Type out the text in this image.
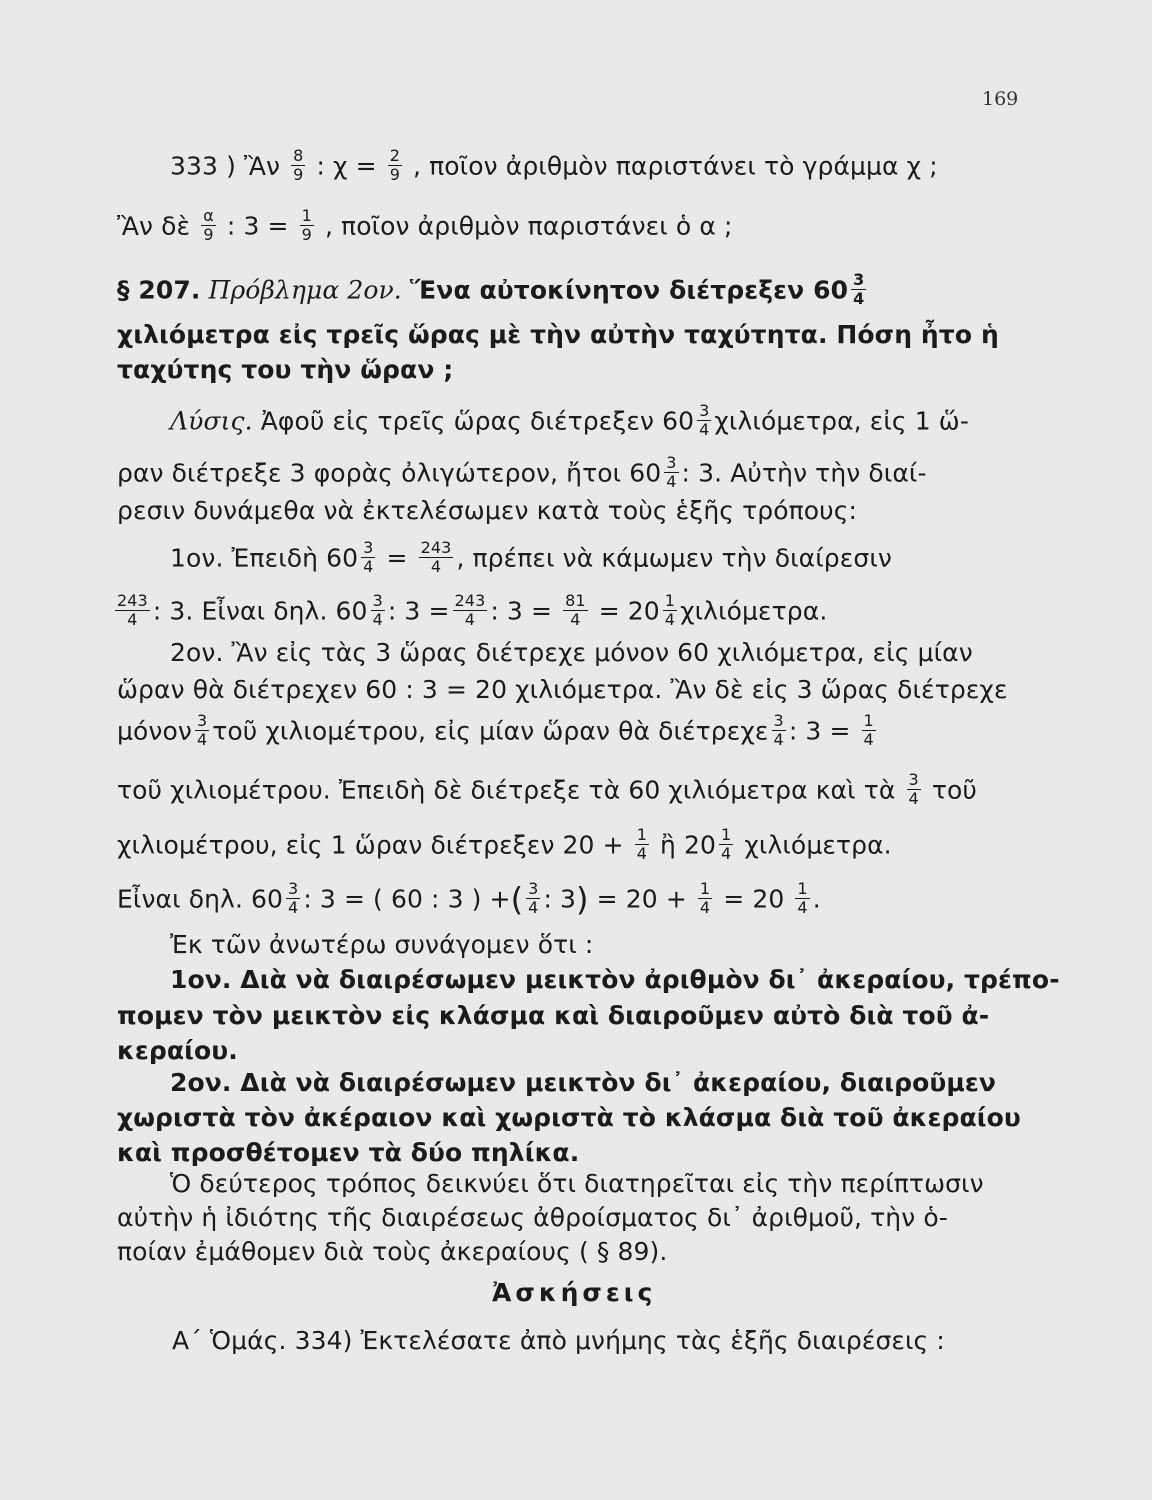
169
333 ) Ἂν $\frac{8}{9}$ : $\chi = \frac{2}{9}$ , ποῖον ἀριθμὸν παριστάνει τὸ γράμμα χ ;
Ἂν δὲ $\frac{\alpha}{9}$ : $3 = \frac{1}{9}$ , ποῖον ἀριθμὸν παριστάνει ὁ α ;
§ 207. Πρόβλημα 2ον. Ἕνα αὐτοκίνητον διέτρεξεν $60 \frac{3}{4}$
χιλιόμετρα εἰς τρεῖς ὥρας μὲ τὴν αὐτὴν ταχύτητα. Πόση ἦτο ἡ
ταχύτης του τὴν ὥραν ;
Λύσις. Ἀφοῦ εἰς τρεῖς ὥρας διέτρεξεν $60 \frac{3}{4} \chi\iota\lambda\iota ό\mu\varepsilon\tau\rho\alpha$, εἰς 1 ὥ-
ραν διέτρεξε 3 φορὰς ὀλιγώτερον, ἤτοι $60 \frac{3}{4}$ : 3. Αὐτὴν τὴν διαί-
ρεσιν δυνάμεθα νὰ ἐκτελέσωμεν κατὰ τοὺς ἑξῆς τρόπους:
1ον. Ἐπειδὴ $60 \frac{3}{4} = \frac{243}{4}$ , πρέπει νὰ κάμωμεν τὴν διαίρεσιν
$\frac{243}{4}$ : 3. Εἶναι δηλ. $60 \frac{3}{4}$ : $3 = \frac{243}{4}$ : $3 = \frac{81}{4} = 20 \frac{1}{4} \chi\iota\lambda\iota ό\mu\varepsilon\tau\rho\alpha$.
2ον. Ἂν εἰς τὰς 3 ὥρας διέτρεχε μόνον 60 χιλιόμετρα, εἰς μίαν
ὥραν θὰ διέτρεχεν 60 : 3 = 20 χιλιόμετρα. Ἂν δὲ εἰς 3 ὥρας διέτρεχε
μόνον $\frac{3}{4}$ τοῦ χιλιομέτρου, εἰς μίαν ὥραν θὰ διέτρεχε $\frac{3}{4}$ : $3 = \frac{1}{4}$
τοῦ χιλιομέτρου. Ἐπειδὴ δὲ διέτρεξε τὰ 60 χιλιόμετρα καὶ τὰ $\frac{3}{4}$ τοῦ
χιλιομέτρου, εἰς 1 ὥραν διέτρεξεν $20 + \frac{1}{4}$ ἢ $20 \frac{1}{4} \chi\iota\lambda\iota ό\mu\varepsilon\tau\rho\alpha$.
Εἶναι δηλ. $60 \frac{3}{4}$ : 3 = ( 60 : 3 ) +( $\frac{3}{4}$ : $3) = 20 + \frac{1}{4} = 20 \frac{1}{4}$ .
Ἐκ τῶν ἀνωτέρω συνάγομεν ὅτι :
1ον. Διὰ νὰ διαιρέσωμεν μεικτὸν ἀριθμὸν δι᾽ ἀκεραίου, τρέπο-
πομεν τὸν μεικτὸν εἰς κλάσμα καὶ διαιροῦμεν αὐτὸ διὰ τοῦ ἀ-
κεραίου.
2ον. Διὰ νὰ διαιρέσωμεν μεικτὸν δι᾽ ἀκεραίου, διαιροῦμεν
χωριστὰ τὸν ἀκέραιον καὶ χωριστὰ τὸ κλάσμα διὰ τοῦ ἀκεραίου
καὶ προσθέτομεν τὰ δύο πηλίκα.
Ὁ δεύτερος τρόπος δεικνύει ὅτι διατηρεῖται εἰς τὴν περίπτωσιν
αὐτὴν ἡ ἰδιότης τῆς διαιρέσεως ἀθροίσματος δι᾽ ἀριθμοῦ, τὴν ὁ-
ποίαν ἐμάθομεν διὰ τοὺς ἀκεραίους ( § 89).
Ἀσκήσεις
Α΄ Ὁμάς. 334) Ἐκτελέσατε ἀπὸ μνήμης τὰς ἑξῆς διαιρέσεις :
